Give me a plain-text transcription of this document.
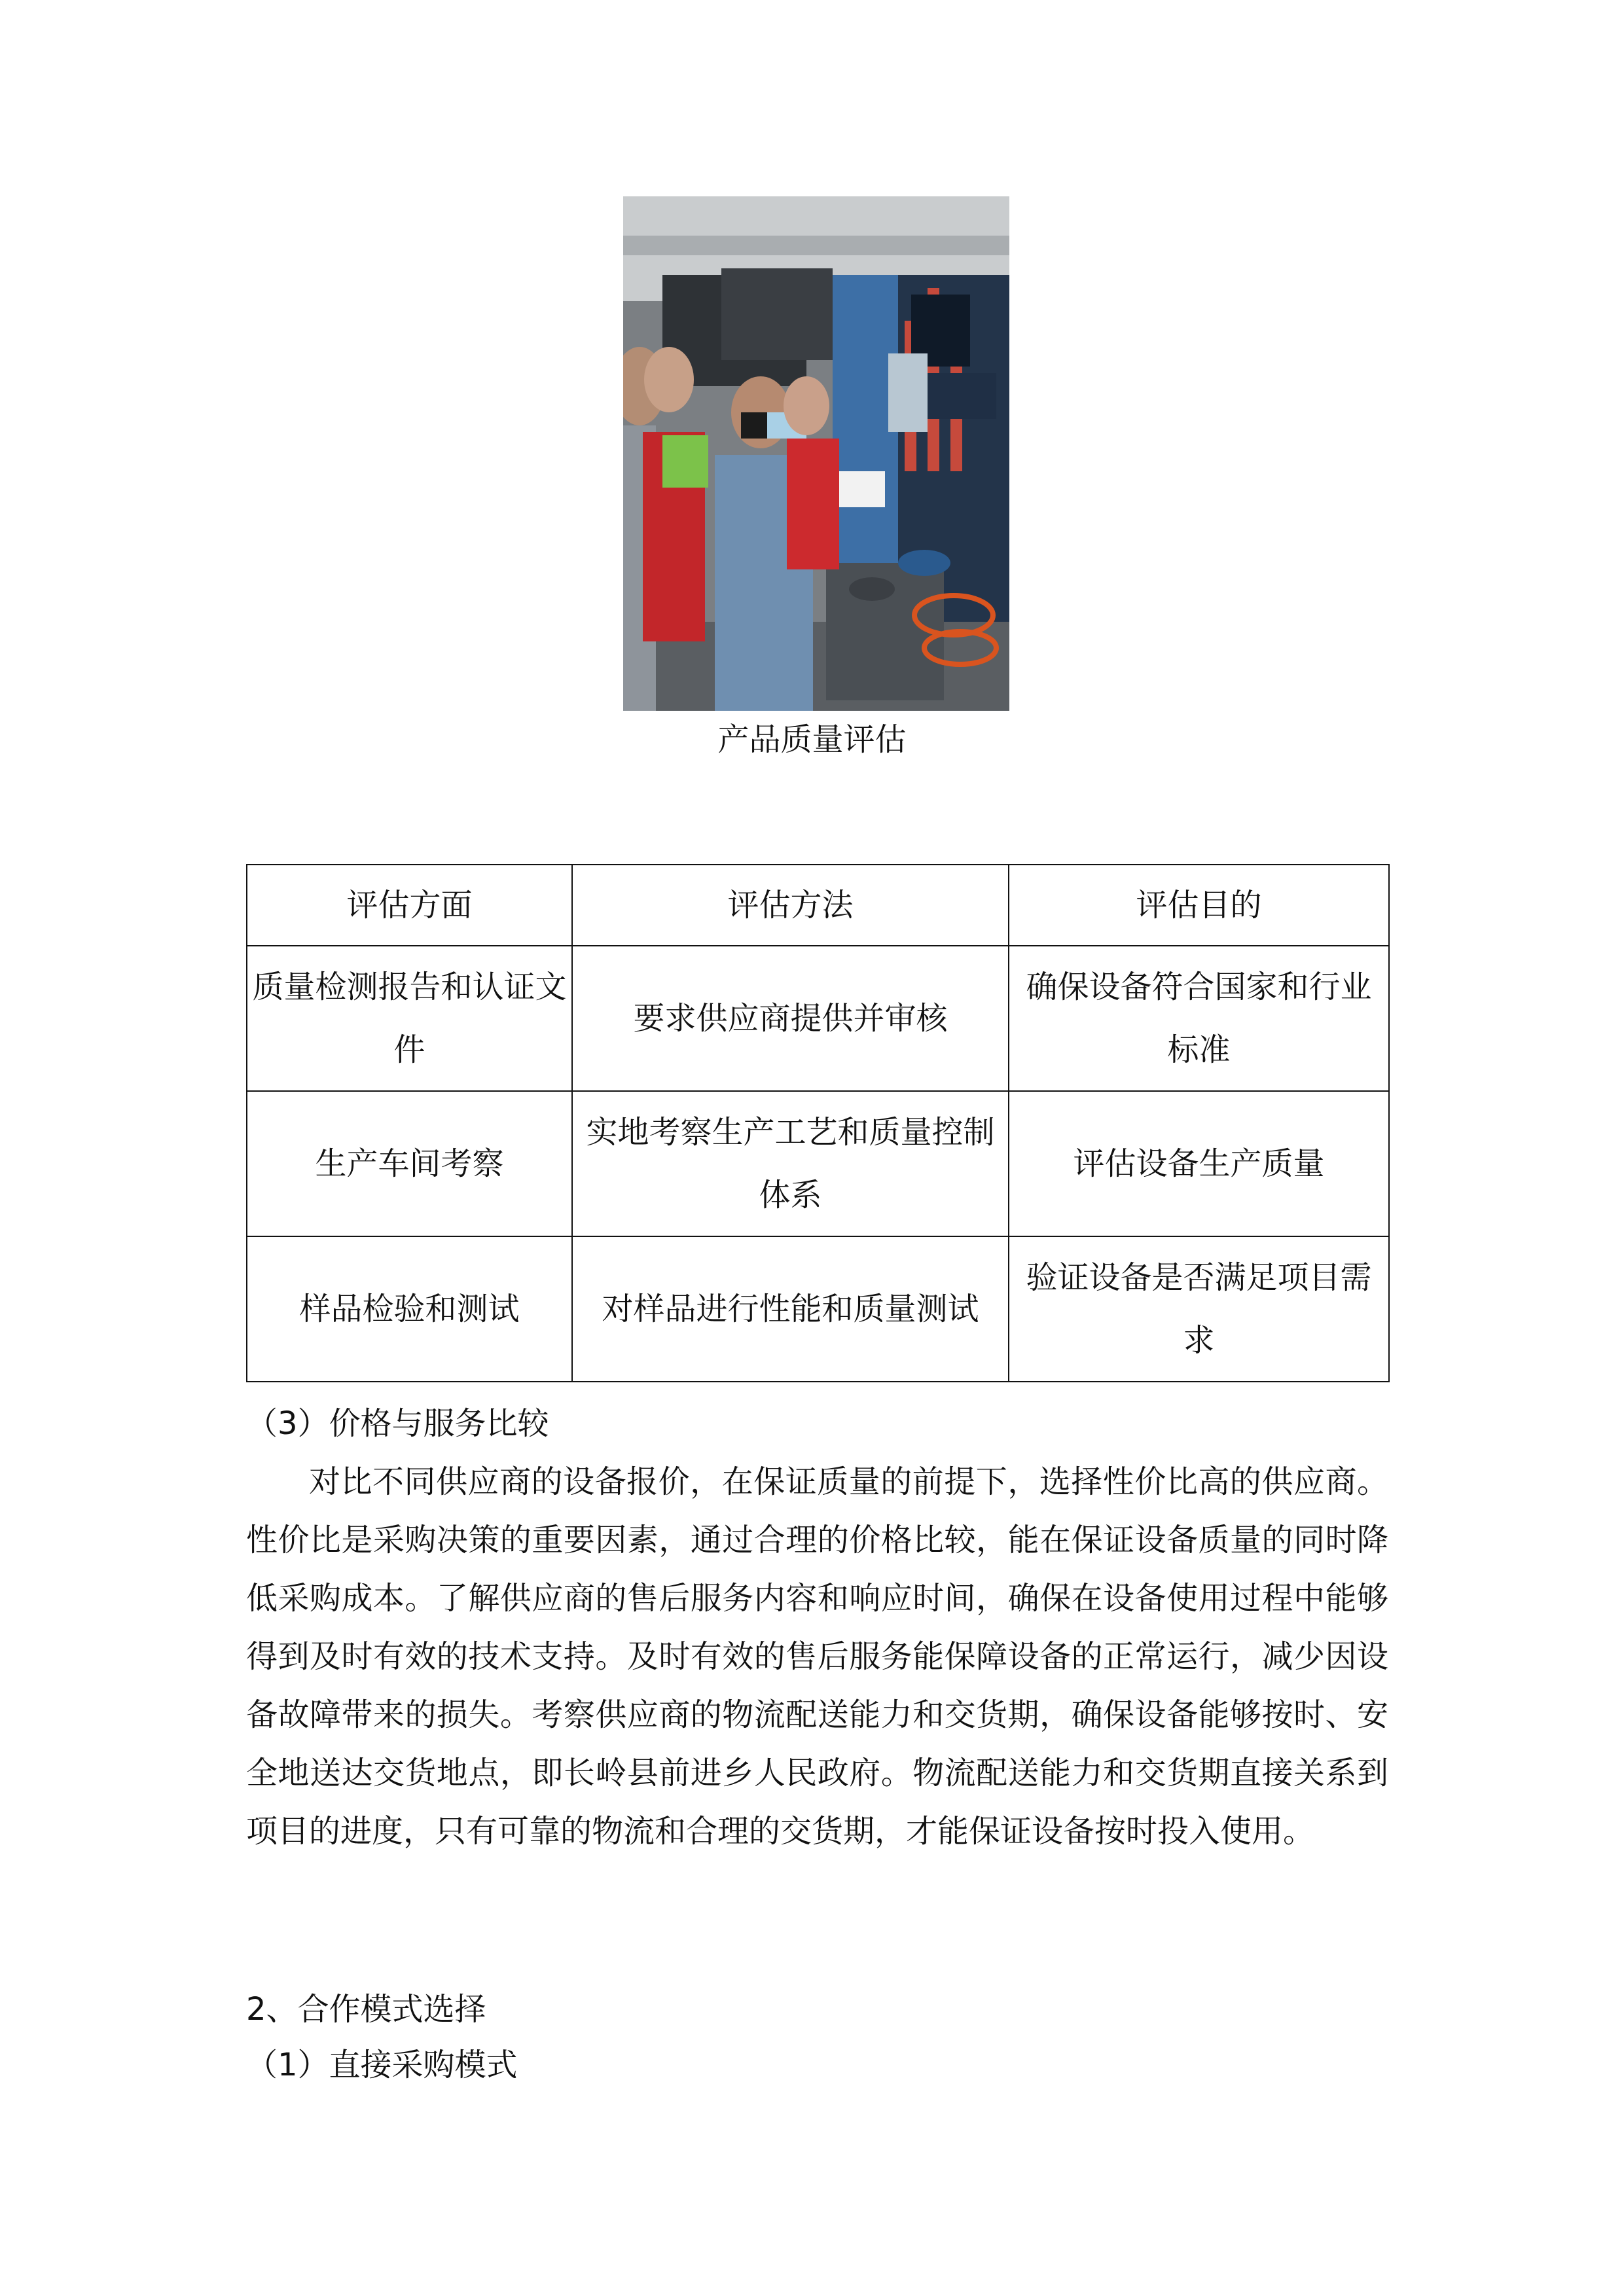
产品质量评估
评估方面	评估方法	评估目的
质量检测报告和认证文件	要求供应商提供并审核	确保设备符合国家和行业标准
生产车间考察	实地考察生产工艺和质量控制体系	评估设备生产质量
样品检验和测试	对样品进行性能和质量测试	验证设备是否满足项目需求
（3）价格与服务比较

对比不同供应商的设备报价，在保证质量的前提下，选择性价比高的供应商。性价比是采购决策的重要因素，通过合理的价格比较，能在保证设备质量的同时降低采购成本。了解供应商的售后服务内容和响应时间，确保在设备使用过程中能够得到及时有效的技术支持。及时有效的售后服务能保障设备的正常运行，减少因设备故障带来的损失。考察供应商的物流配送能力和交货期，确保设备能够按时、安全地送达交货地点，即长岭县前进乡人民政府。物流配送能力和交货期直接关系到项目的进度，只有可靠的物流和合理的交货期，才能保证设备按时投入使用。

2、合作模式选择
（1）直接采购模式
